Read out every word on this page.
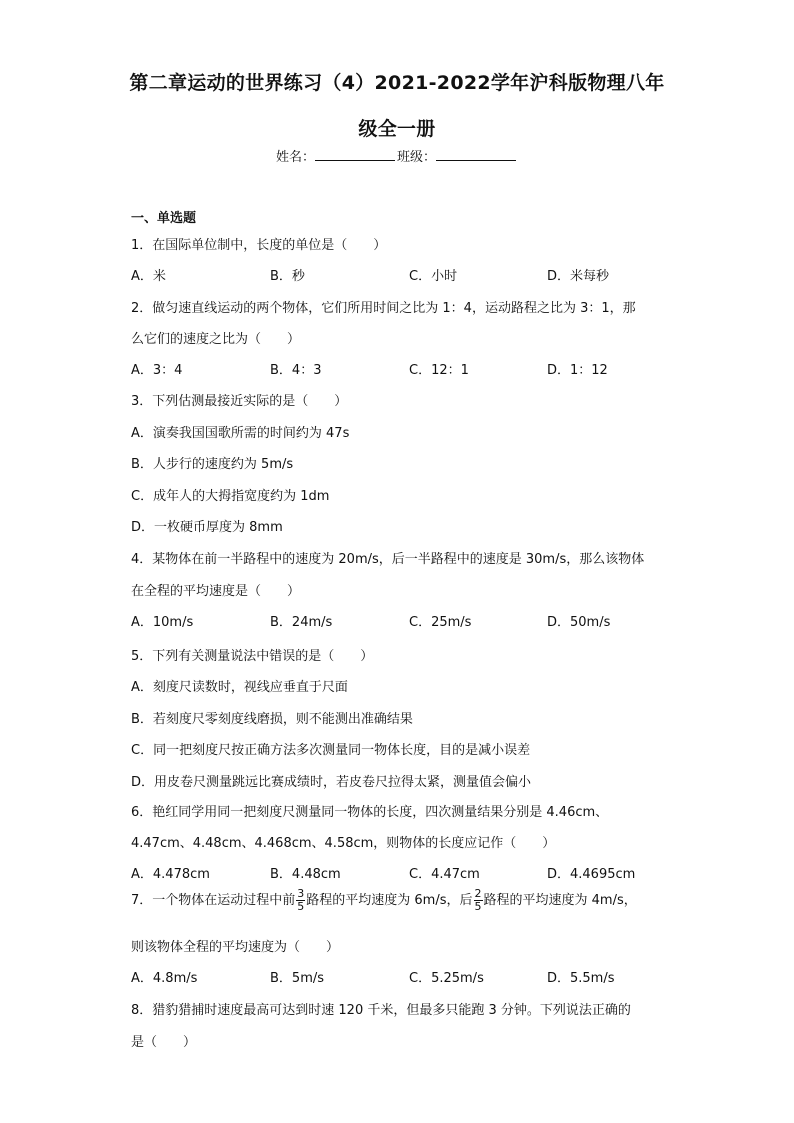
第二章运动的世界练习（4）2021-2022学年沪科版物理八年
级全一册
姓名：	班级：
一、单选题
1．在国际单位制中，长度的单位是（　　）
A．米	B．秒	C．小时	D．米每秒
2．做匀速直线运动的两个物体，它们所用时间之比为 1：4，运动路程之比为 3：1，那
么它们的速度之比为（　　）
A．3：4	B．4：3	C．12：1	D．1：12
3．下列估测最接近实际的是（　　）
A．演奏我国国歌所需的时间约为 47s
B．人步行的速度约为 5m/s
C．成年人的大拇指宽度约为 1dm
D．一枚硬币厚度为 8mm
4．某物体在前一半路程中的速度为 20m/s，后一半路程中的速度是 30m/s，那么该物体
在全程的平均速度是（　　）
A．10m/s	B．24m/s	C．25m/s	D．50m/s
5．下列有关测量说法中错误的是（　　）
A．刻度尺读数时，视线应垂直于尺面
B．若刻度尺零刻度线磨损，则不能测出准确结果
C．同一把刻度尺按正确方法多次测量同一物体长度，目的是减小误差
D．用皮卷尺测量跳远比赛成绩时，若皮卷尺拉得太紧，测量值会偏小
6．艳红同学用同一把刻度尺测量同一物体的长度，四次测量结果分别是 4.46cm、
4.47cm、4.48cm、4.468cm、4.58cm，则物体的长度应记作（　　）
A．4.478cm	B．4.48cm	C．4.47cm	D．4.4695cm
7．一个物体在运动过程中前 $\frac{3}{5}$ 路程的平均速度为 6m/s，后 $\frac{2}{5}$ 路程的平均速度为 4m/s，
则该物体全程的平均速度为（　　）
A．4.8m/s	B．5m/s	C．5.25m/s	D．5.5m/s
8．猎豹猎捕时速度最高可达到时速 120 千米，但最多只能跑 3 分钟。下列说法正确的
是（　　）
